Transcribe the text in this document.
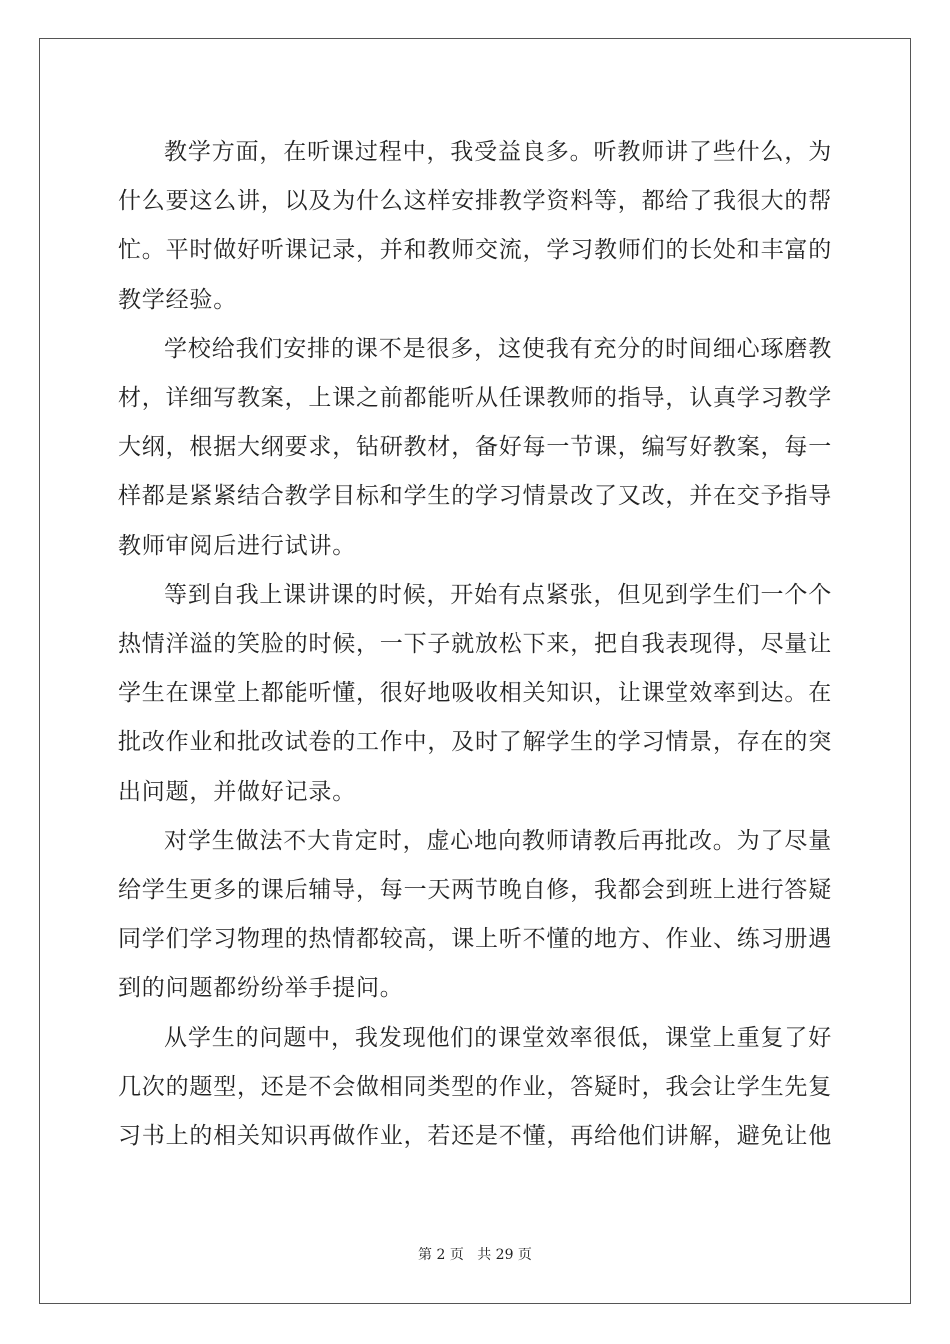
教学方面，在听课过程中，我受益良多。听教师讲了些什么，为什么要这么讲，以及为什么这样安排教学资料等，都给了我很大的帮忙。平时做好听课记录，并和教师交流，学习教师们的长处和丰富的教学经验。

学校给我们安排的课不是很多，这使我有充分的时间细心琢磨教材，详细写教案，上课之前都能听从任课教师的指导，认真学习教学大纲，根据大纲要求，钻研教材，备好每一节课，编写好教案，每一样都是紧紧结合教学目标和学生的学习情景改了又改，并在交予指导教师审阅后进行试讲。

等到自我上课讲课的时候，开始有点紧张，但见到学生们一个个热情洋溢的笑脸的时候，一下子就放松下来，把自我表现得，尽量让学生在课堂上都能听懂，很好地吸收相关知识，让课堂效率到达。在批改作业和批改试卷的工作中，及时了解学生的学习情景，存在的突出问题，并做好记录。

对学生做法不大肯定时，虚心地向教师请教后再批改。为了尽量给学生更多的课后辅导，每一天两节晚自修，我都会到班上进行答疑同学们学习物理的热情都较高，课上听不懂的地方、作业、练习册遇到的问题都纷纷举手提问。

从学生的问题中，我发现他们的课堂效率很低，课堂上重复了好几次的题型，还是不会做相同类型的作业，答疑时，我会让学生先复习书上的相关知识再做作业，若还是不懂，再给他们讲解，避免让他

第 2 页 共 29 页
